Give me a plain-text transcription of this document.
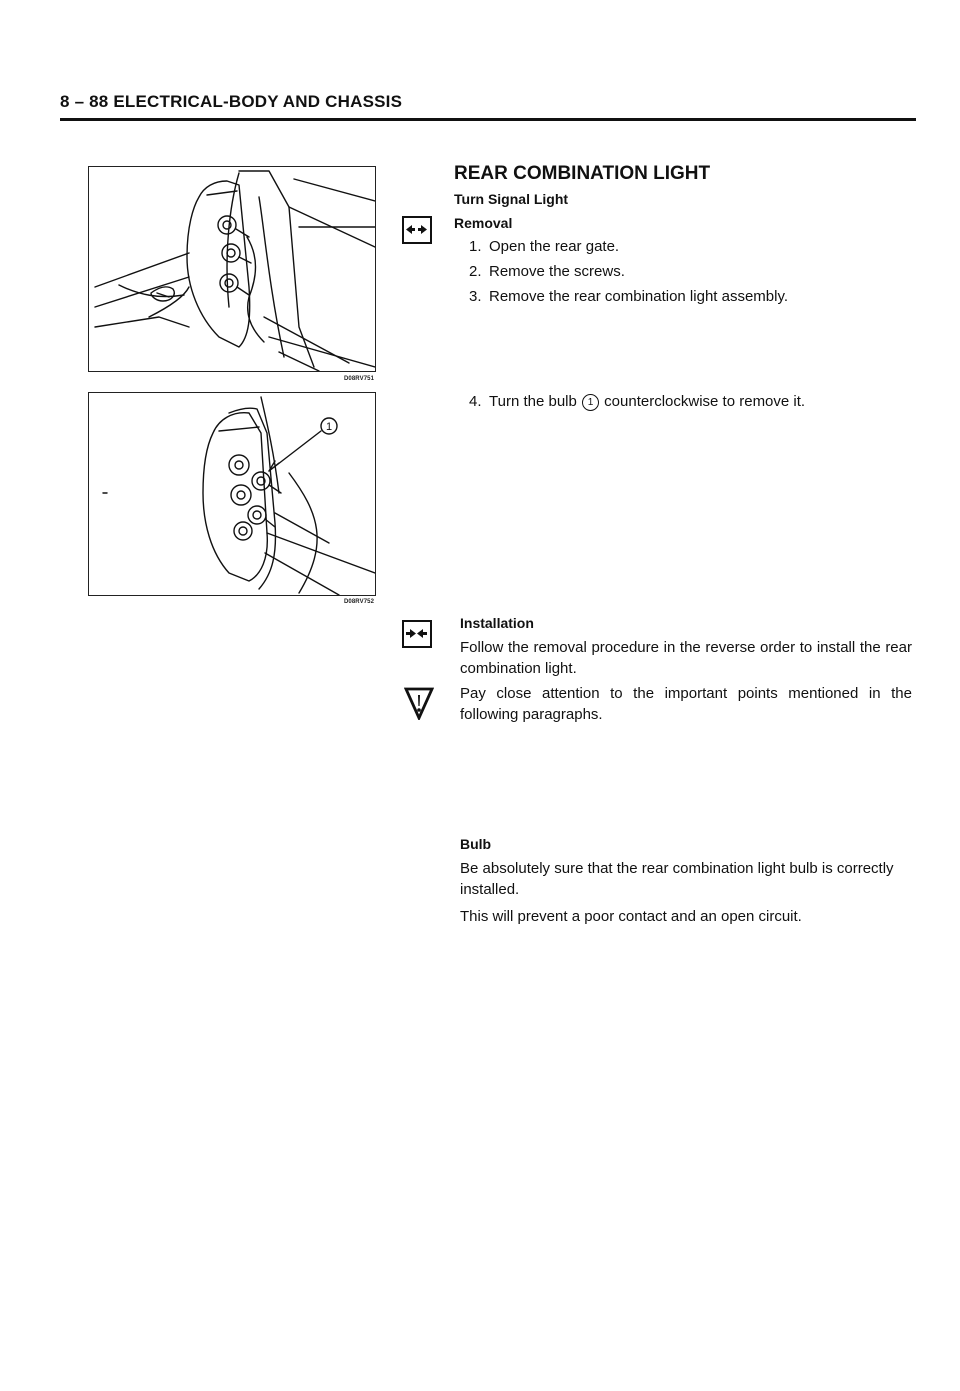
8 – 88 ELECTRICAL-BODY AND CHASSIS
D08RV751
1
D08RV752
REAR COMBINATION LIGHT
Turn Signal Light
Removal
1. Open the rear gate.
2. Remove the screws.
3. Remove the rear combination light assembly.
4. Turn the bulb 1 counterclockwise to remove it.
Installation
Follow the removal procedure in the reverse order to install the rear combination light.
Pay close attention to the important points mentioned in the following paragraphs.
Bulb
Be absolutely sure that the rear combination light bulb is correctly installed.
This will prevent a poor contact and an open circuit.
